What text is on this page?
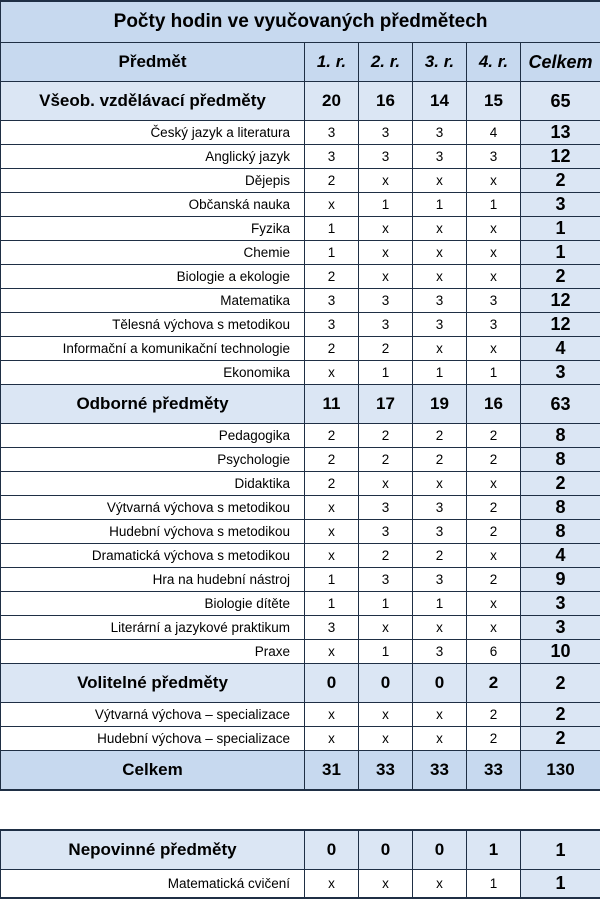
Počty hodin ve vyučovaných předmětech					
Předmět	1. r.	2. r.	3. r.	4. r.	Celkem
Všeob. vzdělávací předměty	20	16	14	15	65
Český jazyk a literatura	3	3	3	4	13
Anglický jazyk	3	3	3	3	12
Dějepis	2	x	x	x	2
Občanská nauka	x	1	1	1	3
Fyzika	1	x	x	x	1
Chemie	1	x	x	x	1
Biologie a ekologie	2	x	x	x	2
Matematika	3	3	3	3	12
Tělesná výchova s metodikou	3	3	3	3	12
Informační a komunikační technologie	2	2	x	x	4
Ekonomika	x	1	1	1	3
Odborné předměty	11	17	19	16	63
Pedagogika	2	2	2	2	8
Psychologie	2	2	2	2	8
Didaktika	2	x	x	x	2
Výtvarná výchova s metodikou	x	3	3	2	8
Hudební výchova s metodikou	x	3	3	2	8
Dramatická výchova s metodikou	x	2	2	x	4
Hra na hudební nástroj	1	3	3	2	9
Biologie dítěte	1	1	1	x	3
Literární a jazykové praktikum	3	x	x	x	3
Praxe	x	1	3	6	10
Volitelné předměty	0	0	0	2	2
Výtvarná výchova – specializace	x	x	x	2	2
Hudební výchova – specializace	x	x	x	2	2
Celkem	31	33	33	33	130
Nepovinné předměty	0	0	0	1	1
Matematická cvičení	x	x	x	1	1
